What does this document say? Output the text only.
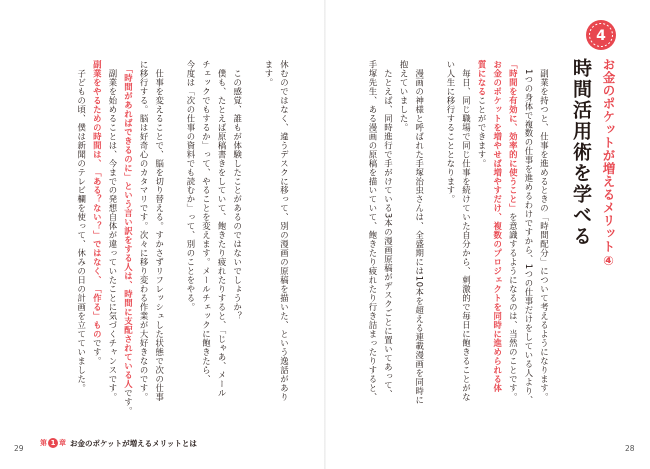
4
お金のポケットが増えるメリット④
時間活用術を学べる
　副業を持つと、仕事を進めるときの「時間配分」について考えるようになります。
　1つの身体で複数の仕事を進めるわけですから、1つの仕事だけをしている人より、
「時間を有効に、効率的に使うこと」を意識するようになるのは、当然のことです。
お金のポケットを増やせば増やすだけ、複数のプロジェクトを同時に進められる体
質になることができます。
　毎日、同じ職場で同じ仕事を続けていた自分から、刺激的で毎日に飽きることがな
い人生に移行することとなります。
　漫画の神様と呼ばれた手塚治虫さんは、全盛期には10本を超える連載漫画を同時に
抱えていました。
　たとえば、同時進行で手がけている3本の漫画原稿がデスクごとに置いてあって、
手塚先生、ある漫画の原稿を描いていて、飽きたり疲れたり行き詰まったりすると、
休むのではなく、違うデスクに移って、別の漫画の原稿を描いた、という逸話があり
ます。
　この感覚、誰もが体験したことがあるのではないでしょうか？
　僕も、たとえば原稿書きをしていて、飽きたり疲れたりすると、「じゃあ、メール
チェックでもするか」って、やることを変えます。メールチェックに飽きたら、
今度は「次の仕事の資料でも読むか」って、別のことをやる。
　仕事を変えることで、脳を切り替える。すかさずリフレッシュした状態で次の仕事
に移行する。脳は好奇心のカタマリです。次々に移り変わる作業が大好きなのです。
　「時間があればできるのに」という言い訳をする人は、時間に支配されている人です。
　副業を始めることは、今までの発想自体が違っていたことに気づくチャンスです。
副業をやるための時間は、「ある？ない？」ではなく、「作る」ものです。
　子どもの頃、僕は新聞のテレビ欄を使って、休みの日の計画を立てていました。
29	28
第 1 章 お金のポケットが増えるメリットとは
